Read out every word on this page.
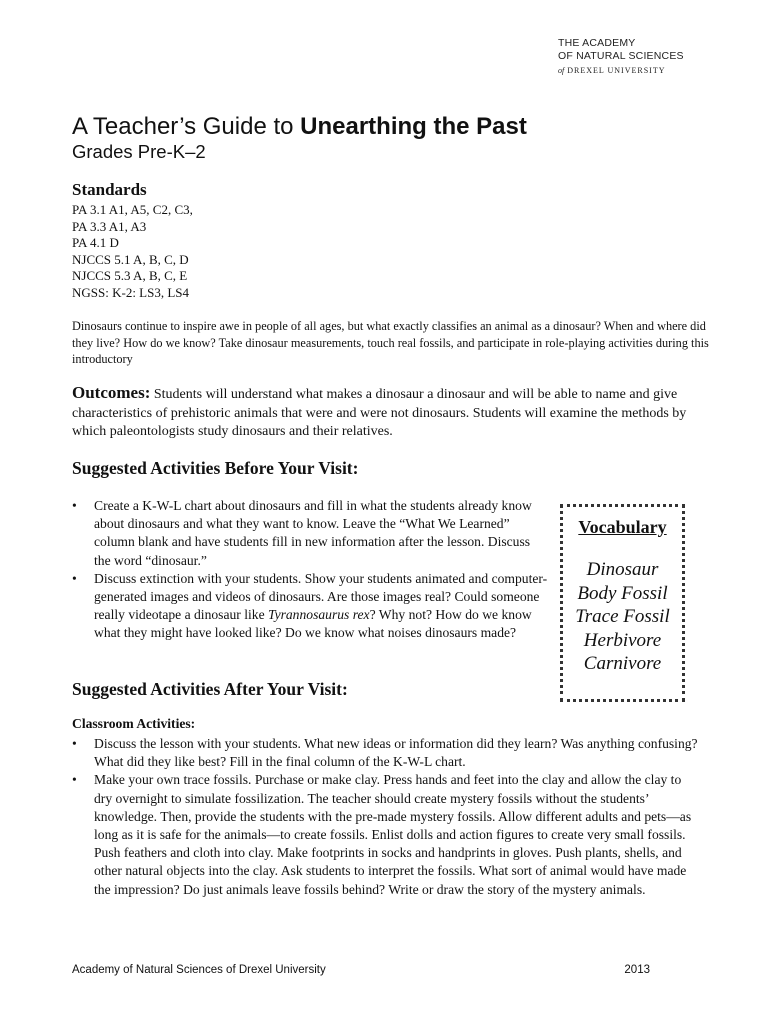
THE ACADEMY
OF NATURAL SCIENCES
of DREXEL UNIVERSITY
A Teacher’s Guide to Unearthing the Past
Grades Pre-K–2
Standards
PA 3.1 A1, A5, C2, C3,
PA 3.3 A1, A3
PA 4.1 D
NJCCS 5.1 A, B, C, D
NJCCS 5.3 A, B, C, E
NGSS: K-2: LS3, LS4
Dinosaurs continue to inspire awe in people of all ages, but what exactly classifies an animal as a dinosaur? When and where did they live? How do we know? Take dinosaur measurements, touch real fossils, and participate in role-playing activities during this introductory
Outcomes: Students will understand what makes a dinosaur a dinosaur and will be able to name and give characteristics of prehistoric animals that were and were not dinosaurs. Students will examine the methods by which paleontologists study dinosaurs and their relatives.
Suggested Activities Before Your Visit:
• Create a K-W-L chart about dinosaurs and fill in what the students already know about dinosaurs and what they want to know. Leave the “What We Learned” column blank and have students fill in new information after the lesson. Discuss the word “dinosaur.”
• Discuss extinction with your students. Show your students animated and computer-generated images and videos of dinosaurs. Are those images real? Could someone really videotape a dinosaur like Tyrannosaurus rex? Why not? How do we know what they might have looked like? Do we know what noises dinosaurs made?
Vocabulary
Dinosaur
Body Fossil
Trace Fossil
Herbivore
Carnivore
Suggested Activities After Your Visit:
Classroom Activities:
• Discuss the lesson with your students. What new ideas or information did they learn? Was anything confusing? What did they like best? Fill in the final column of the K-W-L chart.
• Make your own trace fossils. Purchase or make clay. Press hands and feet into the clay and allow the clay to dry overnight to simulate fossilization. The teacher should create mystery fossils without the students’ knowledge. Then, provide the students with the pre-made mystery fossils. Allow different adults and pets—as long as it is safe for the animals—to create fossils. Enlist dolls and action figures to create very small fossils. Push feathers and cloth into clay. Make footprints in socks and handprints in gloves. Push plants, shells, and other natural objects into the clay. Ask students to interpret the fossils. What sort of animal would have made the impression? Do just animals leave fossils behind? Write or draw the story of the mystery animals.
Academy of Natural Sciences of Drexel University	2013
